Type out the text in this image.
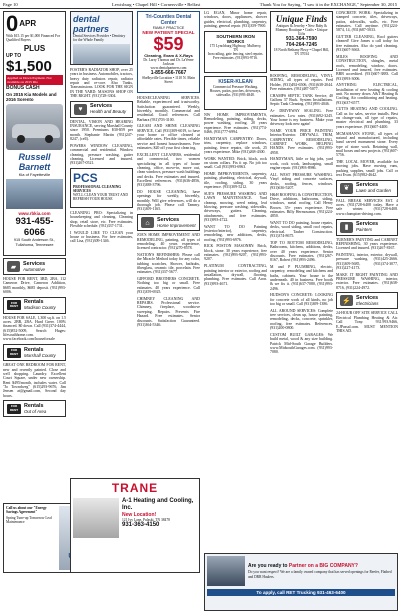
Page 10	Lewisburg • Chapel Hill • Cornersville • Belfast	Thank You for Saying, "I saw it in the EXCHANGE," September 30, 2015
0 APR
With $15.15 per $1,000 Financed For Qualified Buyers
PLUS
UP TO
$1,500
Applied as Down Payment. Not available on 2015 Rio
BONUS CASH
On 2015 Kia Models and 2016 Sorento
Russell Barnett
Kia of Fayetteville
www.rbkia.com
931-455-6066
915 South Anderson St., Tullahoma, Tennessee
▰	Services
Automotive
HOUSE FOR RENT, 3BD, 2BA, 112 Cameron Drive, Cameron Addition, $685 monthly, $685 deposit. (931)993-6006.
FOR RENT
Rentals
Madison County
HOUSE FOR SALE, 1,300 sq.ft. on 1.5 acres. 2BR, 2BA. Hurd Greer. 100% financed. $0 down. Call (931)374-4444, (615)852-5009, Search Huges: lifesouthhome.com. www.facebook.com/houseforsale
FOR RENT
Rentals
Marshall County
GREAT ONE BEDROOM FOR RENT, new and recently painted. Close and well shopping. Laundry. Excellent Court Square, under new ownership. Rent $495/month, includes water. Call "Jo Towndweg" (615)293-9676, Jim Jensen at@gmail.com, Second day hours.
FOR RENT
Rentals
Out of Area
Call us about our "Energy Savings Agreement"
Spring Tune-up Tomorrow Leaf Maintenance
dental partners
Dental Services Provider • Dentistry for the Whole Family
FOSTER'S RADIATOR SHOP, over 25 years in business. Automobiles, tractors, heavy duty radiators repair, radiator repair and re-core. Also Tanks, Transmissions. LOOK FOR THE SIGN IN THE YARD: MASONS SHOP ON THE RIGHT. (931)728-3304.
♥	Services
Health and Beauty
DENTAL, VISION AND HEARING INSURANCE, serving Marshall County since 1950. Premiums $30-$59 per month. Stephanie Martin (931)247-8247, (cell).
POWERS WINDOW CLEANING, commercial and residential. Window cleaning, pressure washing, gutter cleaning. Licensed and insured. (931)267-0521.
PCS
PROFESSIONAL CLEANING SERVICES
WE'LL CLEAN YOUR TRUST AND REFRESH YOUR HOUSE
CLEANING PRO: Specializing in housekeeping and cleaning. Cleaning shop, retail store, etc. Free estimates. Flexible schedule. (931)337-1731.
I WOULD LIKE TO CLEAN your house or business. For free estimates, call Lisa, (931)309-1346.
Tri-Counties Dental Center
FAMILY PRACTICE
NEW PATIENT SPECIAL
$59
Cleaning, Exam & X-Rays
Dr. Larry Thomas and Dr. LaVerne Jackson
www.dentalpartners.com
1-855-666-7667
Shelbyville Location • 1110 N. Main Street
HOUSECLEANING SERVICES. Reliable, experienced and trustworthy. Satisfaction guaranteed. Weekly, biweekly, monthly. Commercial and residential. Good references. Call Barbara (931)703-3100.
GLEAM AND SHINE CLEANING SERVICE, Call (931)309-6019, to have your home or office cleaned at affordable rates. Flexible times, reliable service and honest housecleaners. Free estimates; $20 off your first clean ing.
EXCELLENT CLEANERS, residential and commercial, two women specializing in all types of house cleaning, office, move-in, move out, clean windows, pressure wash buildings and decks. Free estimates and insured. Excellent references. (931)636-4856, (931)388-3796.
DO HOUSE CLEANING, have openings for weekly, biweekly, monthly. Will give references, will do a thorough job. Please call Tammy. (931)309-1165.
⌂	Services
Home Improvement
JOE'S HOME IMPROVEMENT AND REMODELING, painting, all types of remodeling. 40 years experience, licensed contractor. (931)270-8578.
NATION'S REFINISHER: Please call the Miracle Method today for any color, tubbing scratches, Shower, bathtubs, fiberglass, ceramic tile, porcelain. Free estimates. (931)337-5677.
GIFFORD BROTHERS CONCRETE. Nothing too big or small. Free estimates. 40 years experience. Call (931)359-6925.
CHIMNEY CLEANING AND REPAIRS. Professional service. Chimney, fireplace, woodstove sweeping. Repairs. Prevents Fire Hazard. Free estimates. Senior discounts. Satisfaction Guaranteed. (931)364-5346.
TRANE
A-1 Heating and Cooling, Inc.
New Location!
121 Ivy Lane, Pulaski, TN 38478
931-363-4150
LG EGAN, Minor home repair, windows, doors, appliances, shower guides, electrical, plumbing, carpentry, painting, general repair. (931)359-7900.
SOUTHERN IRON WORKS
175 Lynchburg Highway, Mulberry, TN
Iron railing, gate fencing, steel repairs. Free estimates. (931)993-9716.
KISER-KLEAN
Commercial Pressure Washing. Houses, patios, porches, driveways, sidewalks. (931)993-4848.
NW HOME IMPROVEMENTS, Remodeling, painting, siding, decks, power washing, roofing. 20 years experience. Free estimates. (931)774-0466, (931)777-6994.
HANDYMAN CARPENTRY: Doors, trim, carpentry, replace windows, painting, fence repairs, tile work, 25 years experience. Mike (931)268-4300.
WORK WANTED: Brick, block, rock on storm collars. Fix it up. No job too small. Call (931)993-6963.
HOME IMPROVEMENTS, carpentry, painting, plumbing, electrical, drywall, tile, roofing, siding. 30 years experience. (931)309-5212.
SUE'S PRESSURE WASHING AND LAWN MAINTENANCE. Yard cleanup, mowing, weed eating, leaf blowing, pressure washing, sidewalks, driveways, gutters. Cleaning, attachments, and free estimates. (931)993-4722.
WANT TO DO Painting (exterior/interior), carpentry, remodeling, new additions, decks, roofing. (931)993-6976.
RICK POSTON MASONRY: Brick, block, stone. 30 years experience, free estimates. (931)993-9207, (931)993-9207.
PLATINUM CONTRACTING, painting interior or exterior, roofing and installation, drywall, flooring, plumbing. Free estimates. Call Aron. (931)993-4671.
Unique Finds
Antiques & Jewelry • New Baby & Mommy Boutique • Crafts • Unique Gifts
931-364-7590
704-264-7245
18 North Bethany Pkwy • Chapel Hill, TN 37034
ROOFING, REMODELING, VINYL SIDING, all types of repairs. Fred Holder, (931)492-6506, (931)638-2044. Free estimates. (931)487-5077.
CHAMPS SEPTIC TANK Service, 40 Gallons 37 Back. System Installations. Septic Tank Cleaning. (931)993-4046.
A+ DRIVEWAY SEALING. Free estimates. Low rates. (931)692-3245. Your home is my business. Make your driveway look new again!
NAME YOUR PRICE PAINTING Interior/Exterior. DRYWALL TRIM, CARPENTRY, REMODELING, CABINET WORK, HELPING HANDS. Free estimates. (931)993-4958.
HANDYMAN, little or big jobs, yard work, rock work, landscaping, small engine repair. (931)993-8986.
ALL WEST PRESSURE WASHING. Vinyl siding and concrete surfaces, decks, roofing, fences, windows. (931)636-5207.
H&H ROOFING & CONSTRUCTION, Drive, additions, bathrooms, siding, windows, metal roofing. Call Henry Brown. 35+ years experience. Free estimates. Billy Hermosanos. (931)224-4850.
WANT TO DO painting, house repairs, decks, wood siding, small roof repairs, electrical. Tauber Construction. (931)374-8675.
TOP TO BOTTOM REMODELING, Bathrooms, kitchens, additions, decks, over 40 years experience. Senior discounts. Free estimates. (931)267-8167, Robert (931)993-2496.
M and P PLUMBING, electric, carpentry, remodeling and kitchens and baths, cabinets. Your house to the underneath. 40 in business. Free booth & we fix it. (931)637-7080, (931)993-2496.
HUDSON'S CONCRETE: LOOKING for concrete work of all kinds, no job too big or small. Call (931)309-1386.
ALL AROUND SERVICES: Complete tree services, clean up, house painting, remodeling, decks, concrete, sprinkler, roofing, free estimates. References. (931)200-0800.
CUSTOM BUILT GARAGES: We build metal, wood & any size building. Patrick Mid-South Garage Builders. www.MidsouthGarages.com. (931)993-7080.
CONCRETE WORK: Specializing in stamped concrete, tiles, driveways, patios, sidewalks, walls, etc. Free estimates. Call anytime. (931)224-5874, 14, (931)687-5033.
GUTTER CLEANING, Roof gutters cleaned! Give James a call today for free estimates. Also do yard cleaning. (931)607-3663.
MILES ROOFING AND CONSTRUCTION, shingles, metal roofs, remodeling, window, doors. Licensed and insured, free estimates. BBB accredited. (931)607-3883. Call (931)993-3006.
ANYTHING ELECTRICAL, Installation of new heating & cooling unit. No money down. A&T Heating & Cooling, Air conditioning and heating. (931)637-6577.
CUTTS HEATING AND COOLING. Call us for sales, service installs. Best on change-outs, all type of repairs, master electrical and plumbing. 33 years experience. (931)607-4400.
MCMAHAN'S STONE, all types of natural and manufactured, including hand carved monument stone. Every type of stone work. Retaining wall, mail boxes and new projects. (931)607-5756.
THE LOCAL MOVER, available for moving jobs. Have moving vans, packing supplies, small jobs. Call or text Evan. (615)982-4642.
❦	Services
Lawn and Garden
FALL BREAK SERVICES EST. 4 acres. (931)728-6408 today. Have a safe winter. (931)728-6408. www.champion-driving.com.
▮	Services
Painters
TURNER'S PAINTING and CABINET REFINISHING, 30 years experience. Licensed and insured. (931)267-8167.
PAINTING, interior, exterior, drywall, pressure washing. (931)425-2666. (931)309-5685, (931)374-3077, (931)227-4173.
MAKE IT RIGHT PAINTING AND PRESSURE WASHING, interior, exterior. Free estimates. (931)638-8716, (931)224-4972.
⚡ Services
Electricians
24-HOUR OFF SITE SERVICE CALL Electrical Plumbing Heating & Air. Call Tony. 931.993.9466, E.JPassal.com. MUST MENTION THIS AD.
Are you ready to Partner on a BIG COMPANY?
Do you want respect? We are a family owned company that has served openings for Reefer, Flatbed and DRR Haulers.
To apply, call RET Trucking 931-463-6400
